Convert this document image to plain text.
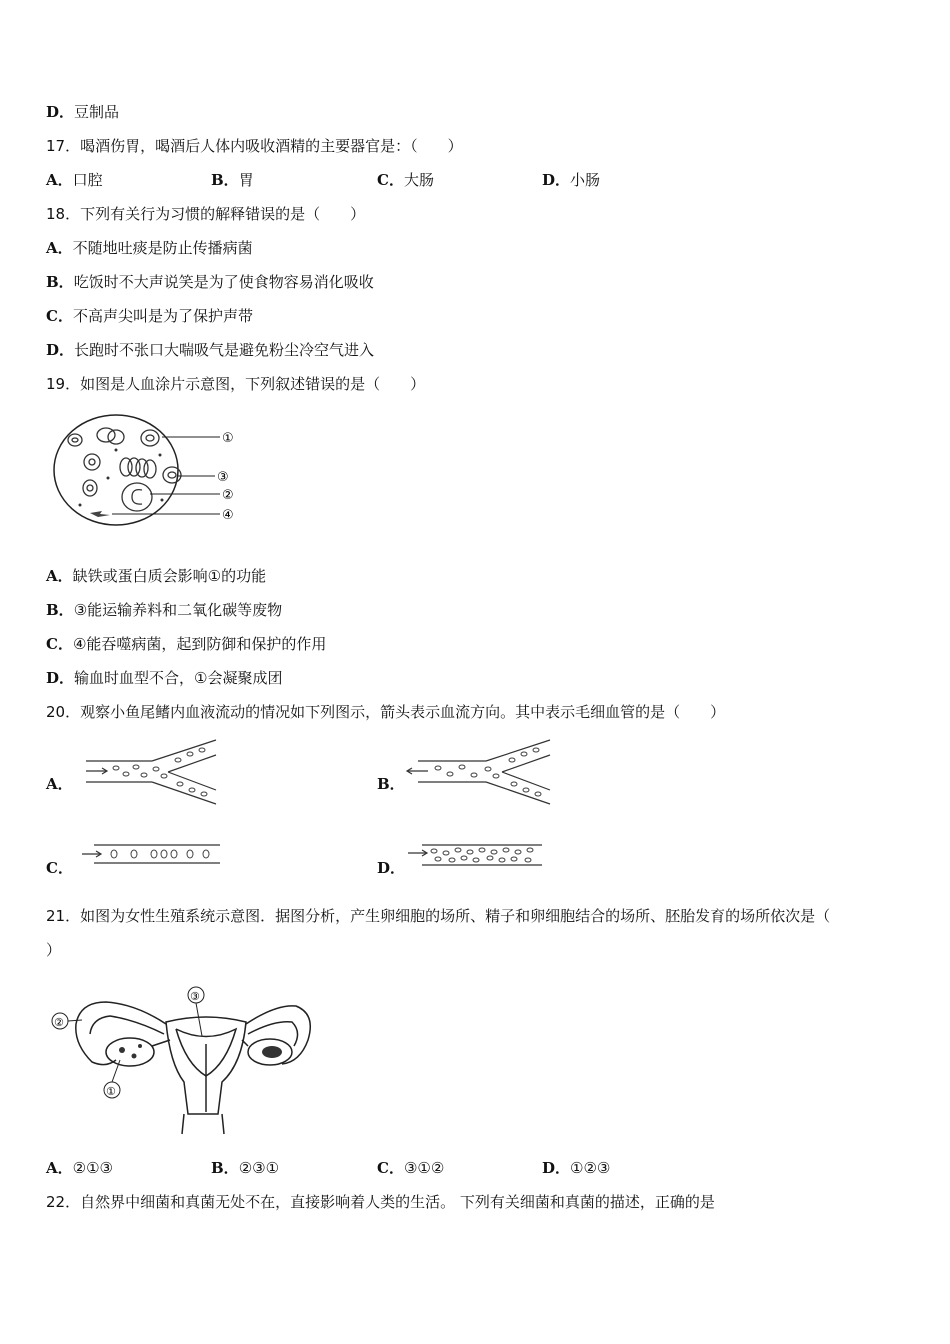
D．豆制品
17．喝酒伤胃，喝酒后人体内吸收酒精的主要器官是：（　　）
A．口腔	B．胃	C．大肠	D．小肠
18．下列有关行为习惯的解释错误的是（　　）
A．不随地吐痰是防止传播病菌
B．吃饭时不大声说笑是为了使食物容易消化吸收
C．不高声尖叫是为了保护声带
D．长跑时不张口大喘吸气是避免粉尘冷空气进入
19．如图是人血涂片示意图，下列叙述错误的是（　　）
①
③
②
④
A．缺铁或蛋白质会影响①的功能
B．③能运输养料和二氧化碳等废物
C．④能吞噬病菌，起到防御和保护的作用
D．输血时血型不合，①会凝聚成团
20．观察小鱼尾鳍内血液流动的情况如下列图示，箭头表示血流方向。其中表示毛细血管的是（　　）
A．	B．
C．	D．
21．如图为女性生殖系统示意图．据图分析，产生卵细胞的场所、精子和卵细胞结合的场所、胚胎发育的场所依次是（
）
③
②
①
A．②①③	B．②③①	C．③①②	D．①②③
22．自然界中细菌和真菌无处不在，直接影响着人类的生活。 下列有关细菌和真菌的描述，正确的是
